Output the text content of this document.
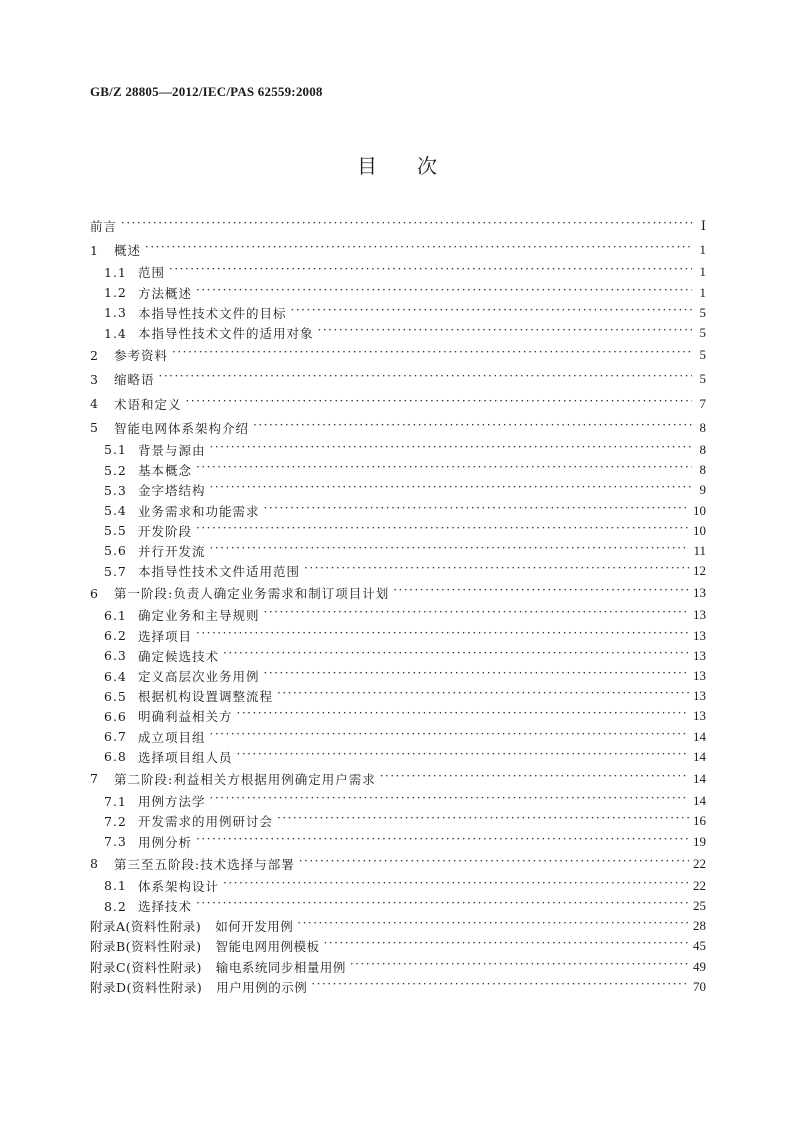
GB/Z 28805—2012/IEC/PAS 62559:2008
目次
前言 ·····	Ⅰ
1	概述 ·····	1
1.1 范围 ·····	1
1.2 方法概述 ·····	1
1.3 本指导性技术文件的目标 ·····	5
1.4 本指导性技术文件的适用对象 ·····	5
2	参考资料 ·····	5
3	缩略语 ·····	5
4	术语和定义 ·····	7
5	智能电网体系架构介绍 ·····	8
5.1 背景与源由 ·····	8
5.2 基本概念 ·····	8
5.3 金字塔结构 ·····	9
5.4 业务需求和功能需求 ·····	10
5.5 开发阶段 ·····	10
5.6 并行开发流 ·····	11
5.7 本指导性技术文件适用范围 ·····	12
6	第一阶段:负责人确定业务需求和制订项目计划 ·····	13
6.1 确定业务和主导规则 ·····	13
6.2 选择项目 ·····	13
6.3 确定候选技术 ·····	13
6.4 定义高层次业务用例 ·····	13
6.5 根据机构设置调整流程 ·····	13
6.6 明确利益相关方 ·····	13
6.7 成立项目组 ·····	14
6.8 选择项目组人员 ·····	14
7	第二阶段:利益相关方根据用例确定用户需求 ·····	14
7.1 用例方法学 ·····	14
7.2 开发需求的用例研讨会 ·····	16
7.3 用例分析 ·····	19
8	第三至五阶段:技术选择与部署 ·····	22
8.1 体系架构设计 ·····	22
8.2 选择技术 ·····	25
附录A(资料性附录) 如何开发用例 ·····	28
附录B(资料性附录) 智能电网用例模板 ·····	45
附录C(资料性附录) 输电系统同步相量用例 ·····	49
附录D(资料性附录) 用户用例的示例 ·····	70
